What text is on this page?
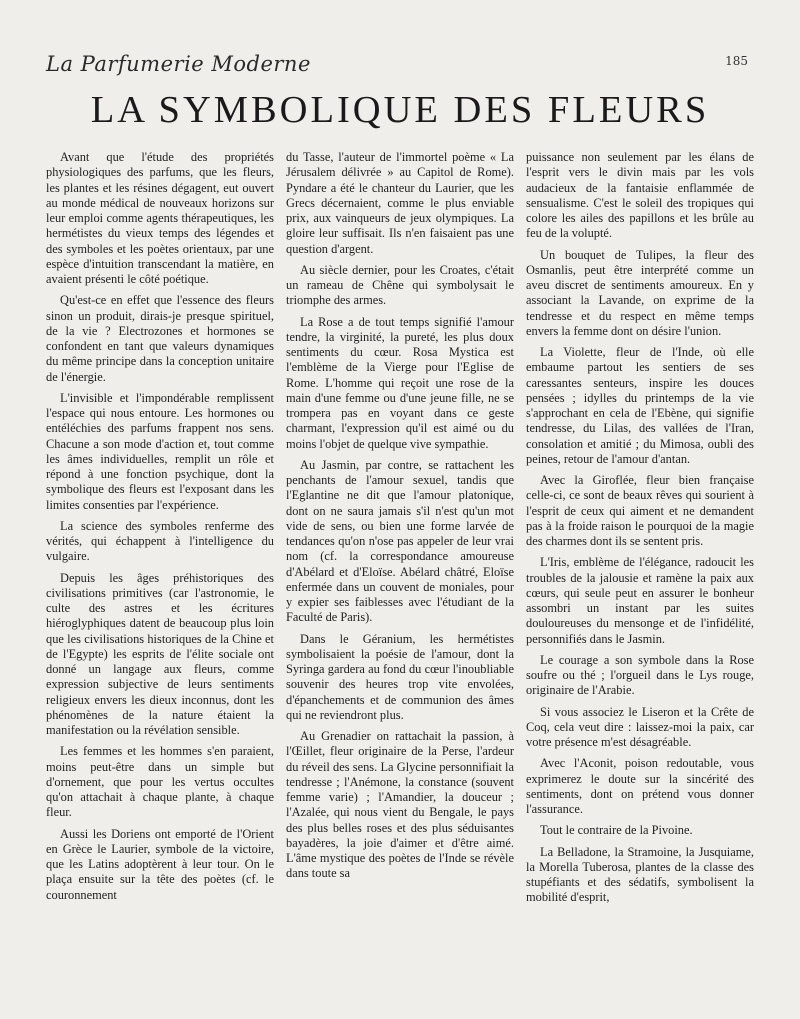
La Parfumerie Moderne	185
LA SYMBOLIQUE DES FLEURS

Avant que l'étude des propriétés physiologiques des parfums, que les fleurs, les plantes et les résines dégagent, eut ouvert au monde médical de nouveaux horizons sur leur emploi comme agents thérapeutiques, les hermétistes du vieux temps des légendes et des symboles et les poètes orientaux, par une espèce d'intuition transcendant la matière, en avaient présenti le côté poétique.

Qu'est-ce en effet que l'essence des fleurs sinon un produit, dirais-je presque spirituel, de la vie ? Electrozones et hormones se confondent en tant que valeurs dynamiques du même principe dans la conception unitaire de l'énergie.

L'invisible et l'impondérable remplissent l'espace qui nous entoure. Les hormones ou entéléchies des parfums frappent nos sens. Chacune a son mode d'action et, tout comme les âmes individuelles, remplit un rôle et répond à une fonction psychique, dont la symbolique des fleurs est l'exposant dans les limites consenties par l'expérience.

La science des symboles renferme des vérités, qui échappent à l'intelligence du vulgaire.

Depuis les âges préhistoriques des civilisations primitives (car l'astronomie, le culte des astres et les écritures hiéroglyphiques datent de beaucoup plus loin que les civilisations historiques de la Chine et de l'Egypte) les esprits de l'élite sociale ont donné un langage aux fleurs, comme expression subjective de leurs sentiments religieux envers les dieux inconnus, dont les phénomènes de la nature étaient la manifestation ou la révélation sensible.

Les femmes et les hommes s'en paraient, moins peut-être dans un simple but d'ornement, que pour les vertus occultes qu'on attachait à chaque plante, à chaque fleur.

Aussi les Doriens ont emporté de l'Orient en Grèce le Laurier, symbole de la victoire, que les Latins adoptèrent à leur tour. On le plaça ensuite sur la tête des poètes (cf. le couronnement

du Tasse, l'auteur de l'immortel poème « La Jérusalem délivrée » au Capitol de Rome). Pyndare a été le chanteur du Laurier, que les Grecs décernaient, comme le plus enviable prix, aux vainqueurs de jeux olympiques. La gloire leur suffisait. Ils n'en faisaient pas une question d'argent.

Au siècle dernier, pour les Croates, c'était un rameau de Chêne qui symbolysait le triomphe des armes.

La Rose a de tout temps signifié l'amour tendre, la virginité, la pureté, les plus doux sentiments du cœur. Rosa Mystica est l'emblème de la Vierge pour l'Eglise de Rome. L'homme qui reçoit une rose de la main d'une femme ou d'une jeune fille, ne se trompera pas en voyant dans ce geste charmant, l'expression qu'il est aimé ou du moins l'objet de quelque vive sympathie.

Au Jasmin, par contre, se rattachent les penchants de l'amour sexuel, tandis que l'Eglantine ne dit que l'amour platonique, dont on ne saura jamais s'il n'est qu'un mot vide de sens, ou bien une forme larvée de tendances qu'on n'ose pas appeler de leur vrai nom (cf. la correspondance amoureuse d'Abélard et d'Eloïse. Abélard châtré, Eloïse enfermée dans un couvent de moniales, pour y expier ses faiblesses avec l'étudiant de la Faculté de Paris).

Dans le Géranium, les hermétistes symbolisaient la poésie de l'amour, dont la Syringa gardera au fond du cœur l'inoubliable souvenir des heures trop vite envolées, d'épanchements et de communion des âmes qui ne reviendront plus.

Au Grenadier on rattachait la passion, à l'Œillet, fleur originaire de la Perse, l'ardeur du réveil des sens. La Glycine personnifiait la tendresse ; l'Anémone, la constance (souvent femme varie) ; l'Amandier, la douceur ; l'Azalée, qui nous vient du Bengale, le pays des plus belles roses et des plus séduisantes bayadères, la joie d'aimer et d'être aimé. L'âme mystique des poètes de l'Inde se révèle dans toute sa

puissance non seulement par les élans de l'esprit vers le divin mais par les vols audacieux de la fantaisie enflammée de sensualisme. C'est le soleil des tropiques qui colore les ailes des papillons et les brûle au feu de la volupté.

Un bouquet de Tulipes, la fleur des Osmanlis, peut être interprété comme un aveu discret de sentiments amoureux. En y associant la Lavande, on exprime de la tendresse et du respect en même temps envers la femme dont on désire l'union.

La Violette, fleur de l'Inde, où elle embaume partout les sentiers de ses caressantes senteurs, inspire les douces pensées ; idylles du printemps de la vie s'approchant en cela de l'Ebène, qui signifie tendresse, du Lilas, des vallées de l'Iran, consolation et amitié ; du Mimosa, oubli des peines, retour de l'amour d'antan.

Avec la Giroflée, fleur bien française celle-ci, ce sont de beaux rêves qui sourient à l'esprit de ceux qui aiment et ne demandent pas à la froide raison le pourquoi de la magie des charmes dont ils se sentent pris.

L'Iris, emblème de l'élégance, radoucit les troubles de la jalousie et ramène la paix aux cœurs, qui seule peut en assurer le bonheur assombri un instant par les suites douloureuses du mensonge et de l'infidélité, personnifiés dans le Jasmin.

Le courage a son symbole dans la Rose soufre ou thé ; l'orgueil dans le Lys rouge, originaire de l'Arabie.

Si vous associez le Liseron et la Crête de Coq, cela veut dire : laissez-moi la paix, car votre présence m'est désagréable.

Avec l'Aconit, poison redoutable, vous exprimerez le doute sur la sincérité des sentiments, dont on prétend vous donner l'assurance.

Tout le contraire de la Pivoine.

La Belladone, la Stramoine, la Jusquiame, la Morella Tuberosa, plantes de la classe des stupéfiants et des sédatifs, symbolisent la mobilité d'esprit,
